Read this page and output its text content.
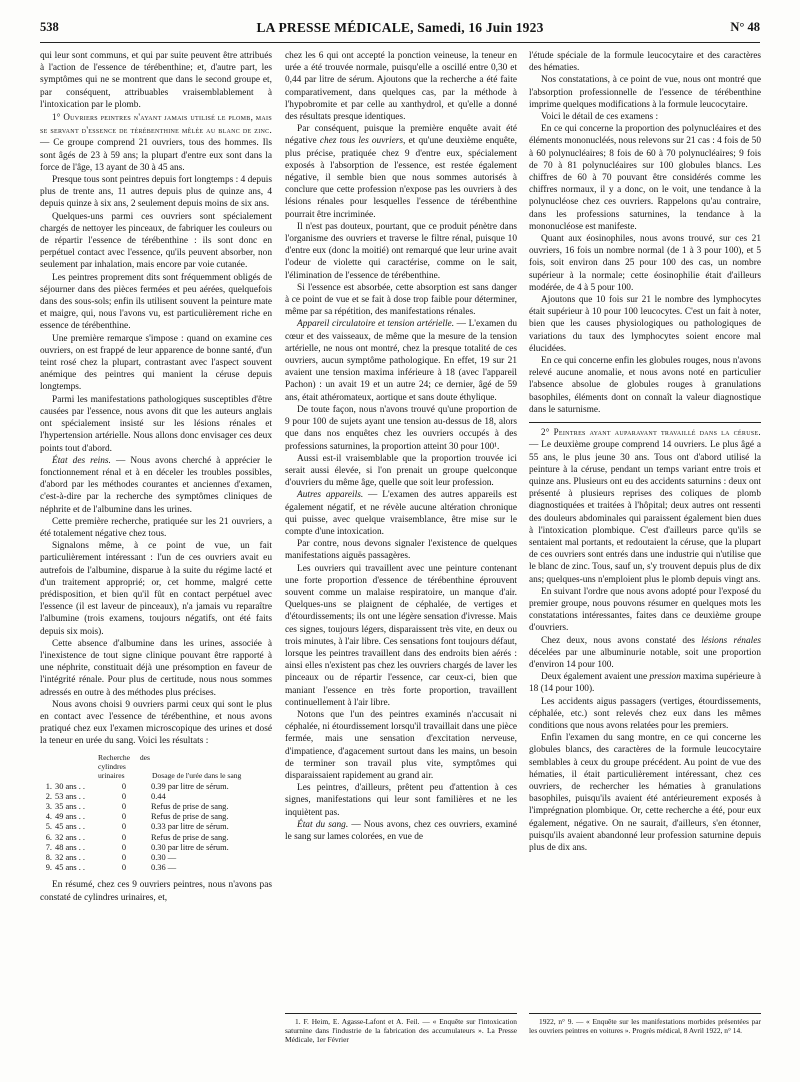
538	LA PRESSE MÉDICALE, Samedi, 16 Juin 1923	N° 48

qui leur sont communs, et qui par suite peuvent être attribués à l'action de l'essence de térébenthine; et, d'autre part, les symptômes qui ne se montrent que dans le second groupe et, par conséquent, attribuables vraisemblablement à l'intoxication par le plomb.

1° Ouvriers peintres n'ayant jamais utilisé le plomb, mais se servant d'essence de térébenthine mêlée au blanc de zinc. — Ce groupe comprend 21 ouvriers, tous des hommes. Ils sont âgés de 23 à 59 ans; la plupart d'entre eux sont dans la force de l'âge, 13 ayant de 30 à 45 ans.

Presque tous sont peintres depuis fort longtemps : 4 depuis plus de trente ans, 11 autres depuis plus de quinze ans, 4 depuis quinze à six ans, 2 seulement depuis moins de six ans.

Quelques-uns parmi ces ouvriers sont spécialement chargés de nettoyer les pinceaux, de fabriquer les couleurs ou de répartir l'essence de térébenthine : ils sont donc en perpétuel contact avec l'essence, qu'ils peuvent absorber, non seulement par inhalation, mais encore par voie cutanée.

Les peintres proprement dits sont fréquemment obligés de séjourner dans des pièces fermées et peu aérées, quelquefois dans des sous-sols; enfin ils utilisent souvent la peinture mate et maigre, qui, nous l'avons vu, est particulièrement riche en essence de térébenthine.

Une première remarque s'impose : quand on examine ces ouvriers, on est frappé de leur apparence de bonne santé, d'un teint rosé chez la plupart, contrastant avec l'aspect souvent anémique des peintres qui manient la céruse depuis longtemps.

Parmi les manifestations pathologiques susceptibles d'être causées par l'essence, nous avons dit que les auteurs anglais ont spécialement insisté sur les lésions rénales et l'hypertension artérielle. Nous allons donc envisager ces deux points tout d'abord.

État des reins. — Nous avons cherché à apprécier le fonctionnement rénal et à en déceler les troubles possibles, d'abord par les méthodes courantes et anciennes d'examen, c'est-à-dire par la recherche des symptômes cliniques de néphrite et de l'albumine dans les urines.

Cette première recherche, pratiquée sur les 21 ouvriers, a été totalement négative chez tous.

Signalons même, à ce point de vue, un fait particulièrement intéressant : l'un de ces ouvriers avait eu autrefois de l'albumine, disparue à la suite du régime lacté et d'un traitement approprié; or, cet homme, malgré cette prédisposition, et bien qu'il fût en contact perpétuel avec l'essence (il est laveur de pinceaux), n'a jamais vu reparaître l'albumine (trois examens, toujours négatifs, ont été faits depuis six mois).

Cette absence d'albumine dans les urines, associée à l'inexistence de tout signe clinique pouvant être rapporté à une néphrite, constituait déjà une présomption en faveur de l'intégrité rénale. Pour plus de certitude, nous nous sommes adressés en outre à des méthodes plus précises.

Nous avons choisi 9 ouvriers parmi ceux qui sont le plus en contact avec l'essence de térébenthine, et nous avons pratiqué chez eux l'examen microscopique des urines et dosé la teneur en urée du sang. Voici les résultats :

		Recherche des cylindres urinaires	Dosage de l'urée dans le sang
1.	30 ans . .	0	0.39 par litre de sérum.
2.	53 ans . .	0	0.44
3.	35 ans . .	0	Refus de prise de sang.
4.	49 ans . .	0	Refus de prise de sang.
5.	45 ans . .	0	0.33 par litre de sérum.
6.	32 ans . .	0	Refus de prise de sang.
7.	48 ans . .	0	0.30 par litre de sérum.
8.	32 ans . .	0	0.30 —
9.	45 ans . .	0	0.36 —

En résumé, chez ces 9 ouvriers peintres, nous n'avons pas constaté de cylindres urinaires, et,

chez les 6 qui ont accepté la ponction veineuse, la teneur en urée a été trouvée normale, puisqu'elle a oscillé entre 0,30 et 0,44 par litre de sérum. Ajoutons que la recherche a été faite comparativement, dans quelques cas, par la méthode à l'hypobromite et par celle au xanthydrol, et qu'elle a donné des résultats presque identiques.

Par conséquent, puisque la première enquête avait été négative chez tous les ouvriers, et qu'une deuxième enquête, plus précise, pratiquée chez 9 d'entre eux, spécialement exposés à l'absorption de l'essence, est restée également négative, il semble bien que nous sommes autorisés à conclure que cette profession n'expose pas les ouvriers à des lésions rénales pour lesquelles l'essence de térébenthine pourrait être incriminée.

Il n'est pas douteux, pourtant, que ce produit pénètre dans l'organisme des ouvriers et traverse le filtre rénal, puisque 10 d'entre eux (donc la moitié) ont remarqué que leur urine avait l'odeur de violette qui caractérise, comme on le sait, l'élimination de l'essence de térébenthine.

Si l'essence est absorbée, cette absorption est sans danger à ce point de vue et se fait à dose trop faible pour déterminer, même par sa répétition, des manifestations rénales.

Appareil circulatoire et tension artérielle. — L'examen du cœur et des vaisseaux, de même que la mesure de la tension artérielle, ne nous ont montré, chez la presque totalité de ces ouvriers, aucun symptôme pathologique. En effet, 19 sur 21 avaient une tension maxima inférieure à 18 (avec l'appareil Pachon) : un avait 19 et un autre 24; ce dernier, âgé de 59 ans, était athéromateux, aortique et sans doute éthylique.

De toute façon, nous n'avons trouvé qu'une proportion de 9 pour 100 de sujets ayant une tension au-dessus de 18, alors que dans nos enquêtes chez les ouvriers occupés à des professions saturnines, la proportion atteint 30 pour 100¹.

Aussi est-il vraisemblable que la proportion trouvée ici serait aussi élevée, si l'on prenait un groupe quelconque d'ouvriers du même âge, quelle que soit leur profession.

Autres appareils. — L'examen des autres appareils est également négatif, et ne révèle aucune altération chronique qui puisse, avec quelque vraisemblance, être mise sur le compte d'une intoxication.

Par contre, nous devons signaler l'existence de quelques manifestations aiguës passagères.

Les ouvriers qui travaillent avec une peinture contenant une forte proportion d'essence de térébenthine éprouvent souvent comme un malaise respiratoire, un manque d'air. Quelques-uns se plaignent de céphalée, de vertiges et d'étourdissements; ils ont une légère sensation d'ivresse. Mais ces signes, toujours légers, disparaissent très vite, en deux ou trois minutes, à l'air libre. Ces sensations font toujours défaut, lorsque les peintres travaillent dans des endroits bien aérés : ainsi elles n'existent pas chez les ouvriers chargés de laver les pinceaux ou de répartir l'essence, car ceux-ci, bien que maniant l'essence en très forte proportion, travaillent continuellement à l'air libre.

Notons que l'un des peintres examinés n'accusait ni céphalée, ni étourdissement lorsqu'il travaillait dans une pièce fermée, mais une sensation d'excitation nerveuse, d'impatience, d'agacement surtout dans les mains, un besoin de terminer son travail plus vite, symptômes qui disparaissaient rapidement au grand air.

Les peintres, d'ailleurs, prêtent peu d'attention à ces signes, manifestations qui leur sont familières et ne les inquiètent pas.

État du sang. — Nous avons, chez ces ouvriers, examiné le sang sur lames colorées, en vue de

l'étude spéciale de la formule leucocytaire et des caractères des hématies.

Nos constatations, à ce point de vue, nous ont montré que l'absorption professionnelle de l'essence de térébenthine imprime quelques modifications à la formule leucocytaire.

Voici le détail de ces examens :

En ce qui concerne la proportion des polynucléaires et des éléments mononucléés, nous relevons sur 21 cas : 4 fois de 50 à 60 polynucléaires; 8 fois de 60 à 70 polynucléaires; 9 fois de 70 à 81 polynucléaires sur 100 globules blancs. Les chiffres de 60 à 70 pouvant être considérés comme les chiffres normaux, il y a donc, on le voit, une tendance à la polynucléose chez ces ouvriers. Rappelons qu'au contraire, dans les professions saturnines, la tendance à la mononucléose est manifeste.

Quant aux éosinophiles, nous avons trouvé, sur ces 21 ouvriers, 16 fois un nombre normal (de 1 à 3 pour 100), et 5 fois, soit environ dans 25 pour 100 des cas, un nombre supérieur à la normale; cette éosinophilie était d'ailleurs modérée, de 4 à 5 pour 100.

Ajoutons que 10 fois sur 21 le nombre des lymphocytes était supérieur à 10 pour 100 leucocytes. C'est un fait à noter, bien que les causes physiologiques ou pathologiques de variations du taux des lymphocytes soient encore mal élucidées.

En ce qui concerne enfin les globules rouges, nous n'avons relevé aucune anomalie, et nous avons noté en particulier l'absence absolue de globules rouges à granulations basophiles, éléments dont on connaît la valeur diagnostique dans le saturnisme.

2° Peintres ayant auparavant travaillé dans la céruse. — Le deuxième groupe comprend 14 ouvriers. Le plus âgé a 55 ans, le plus jeune 30 ans. Tous ont d'abord utilisé la peinture à la céruse, pendant un temps variant entre trois et quinze ans. Plusieurs ont eu des accidents saturnins : deux ont présenté à plusieurs reprises des coliques de plomb diagnostiquées et traitées à l'hôpital; deux autres ont ressenti des douleurs abdominales qui paraissent également bien dues à l'intoxication plombique. C'est d'ailleurs parce qu'ils se sentaient mal portants, et redoutaient la céruse, que la plupart de ces ouvriers sont entrés dans une industrie qui n'utilise que le blanc de zinc. Tous, sauf un, s'y trouvent depuis plus de dix ans; quelques-uns n'emploient plus le plomb depuis vingt ans.

En suivant l'ordre que nous avons adopté pour l'exposé du premier groupe, nous pouvons résumer en quelques mots les constatations intéressantes, faites dans ce deuxième groupe d'ouvriers.

Chez deux, nous avons constaté des lésions rénales décelées par une albuminurie notable, soit une proportion d'environ 14 pour 100.

Deux également avaient une pression maxima supérieure à 18 (14 pour 100).

Les accidents aigus passagers (vertiges, étourdissements, céphalée, etc.) sont relevés chez eux dans les mêmes conditions que nous avons relatées pour les premiers.

Enfin l'examen du sang montre, en ce qui concerne les globules blancs, des caractères de la formule leucocytaire semblables à ceux du groupe précédent. Au point de vue des hématies, il était particulièrement intéressant, chez ces ouvriers, de rechercher les hématies à granulations basophiles, puisqu'ils avaient été antérieurement exposés à l'imprégnation plombique. Or, cette recherche a été, pour eux également, négative. On ne saurait, d'ailleurs, s'en étonner, puisqu'ils avaient abandonné leur profession saturnine depuis plus de dix ans.

1. F. Heim, E. Agasse-Lafont et A. Feil. — « Enquête sur l'intoxication saturnine dans l'industrie de la fabrication des accumulateurs ». La Presse Médicale, 1er Février

1922, n° 9. — « Enquête sur les manifestations morbides présentées par les ouvriers peintres en voitures ». Progrès médical, 8 Avril 1922, n° 14.
